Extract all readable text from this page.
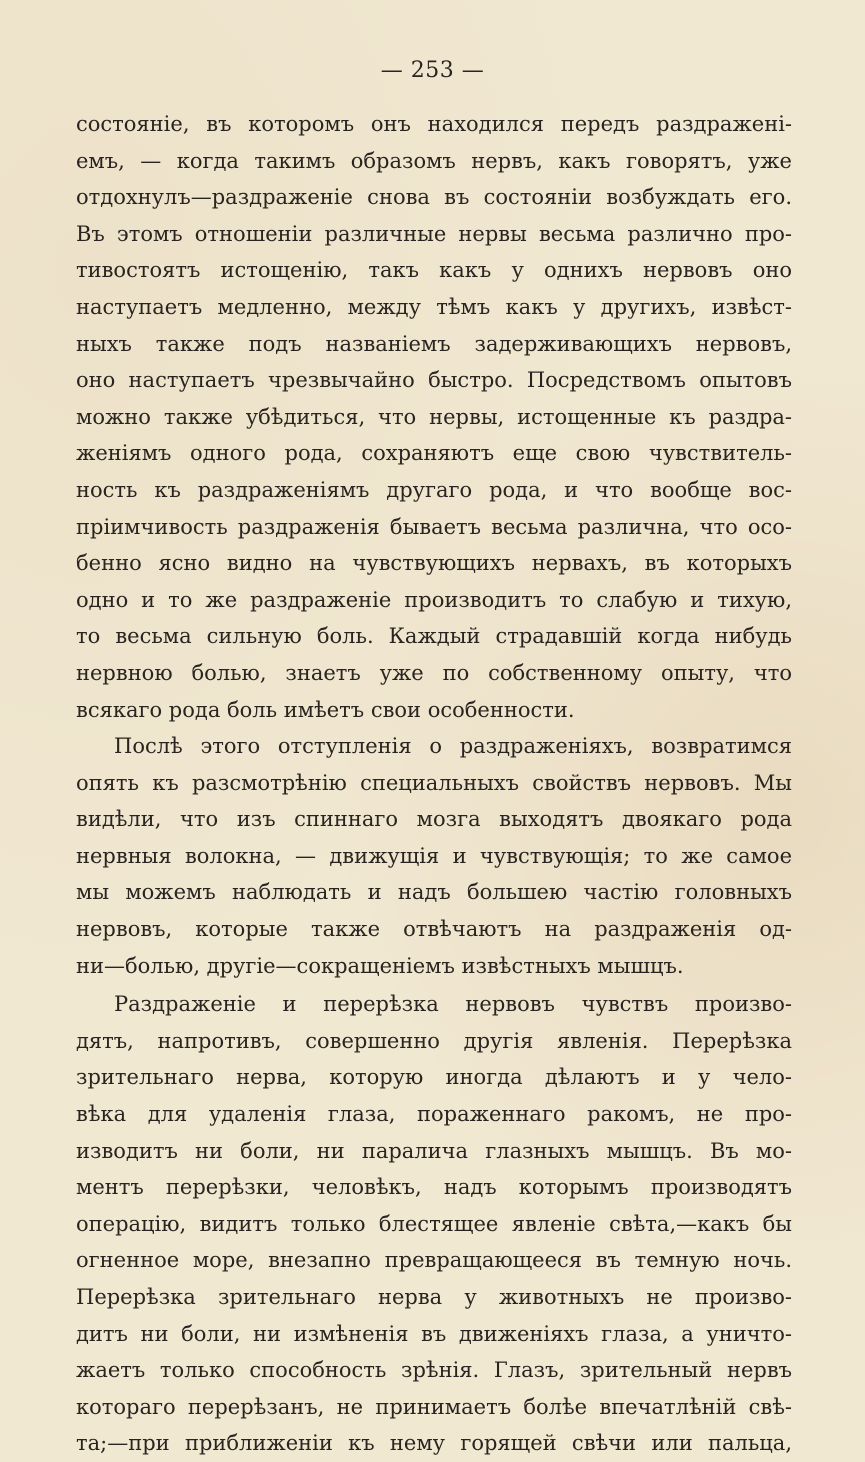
— 253 —
состоянie, въ которомъ онъ находился передъ раздраженi-
емъ, — когда такимъ образомъ нервъ, какъ говорятъ, уже
отдохнулъ—раздраженiе снова въ состоянiи возбуждать его.
Въ этомъ отношенiи различные нервы весьма различно про-
тивостоятъ истощенiю, такъ какъ у однихъ нервовъ оно
наступаетъ медленно, между тѣмъ какъ у другихъ, извѣст-
ныхъ также подъ названiемъ задерживающихъ нервовъ,
оно наступаетъ чрезвычайно быстро. Посредствомъ опытовъ
можно также убѣдиться, что нервы, истощенные къ раздра-
женiямъ одного рода, сохраняютъ еще свою чувствитель-
ность къ раздраженiямъ другаго рода, и что вообще вос-
прiимчивость раздраженiя бываетъ весьма различна, что осо-
бенно ясно видно на чувствующихъ нервахъ, въ которыхъ
одно и то же раздраженiе производитъ то слабую и тихую,
то весьма сильную боль. Каждый страдавшiй когда нибудь
нервною болью, знаетъ уже по собственному опыту, что
всякаго рода боль имѣетъ свои особенности.
Послѣ этого отступленiя о раздраженiяхъ, возвратимся
опять къ разсмотрѣнiю специальныхъ свойствъ нервовъ. Мы
видѣли, что изъ спиннаго мозга выходятъ двоякаго рода
нервныя волокна, — движущiя и чувствующiя; то же самое
мы можемъ наблюдать и надъ большею частiю головныхъ
нервовъ, которые также отвѣчаютъ на раздраженiя од-
ни—болью, другiе—сокращенiемъ извѣстныхъ мышцъ.
Раздраженiе и перерѣзка нервовъ чувствъ произво-
дятъ, напротивъ, совершенно другiя явленiя. Перерѣзка
зрительнаго нерва, которую иногда дѣлаютъ и у чело-
вѣка для удаленiя глаза, пораженнаго ракомъ, не про-
изводитъ ни боли, ни паралича глазныхъ мышцъ. Въ мо-
ментъ перерѣзки, человѣкъ, надъ которымъ производятъ
операцiю, видитъ только блестящее явленiе свѣта,—какъ бы
огненное море, внезапно превращающееся въ темную ночь.
Перерѣзка зрительнаго нерва у животныхъ не произво-
дитъ ни боли, ни измѣненiя въ движенiяхъ глаза, а уничто-
жаетъ только способность зрѣнiя. Глазъ, зрительный нервъ
котораго перерѣзанъ, не принимаетъ болѣе впечатлѣнiй свѣ-
та;—при приближенiи къ нему горящей свѣчи или пальца,
